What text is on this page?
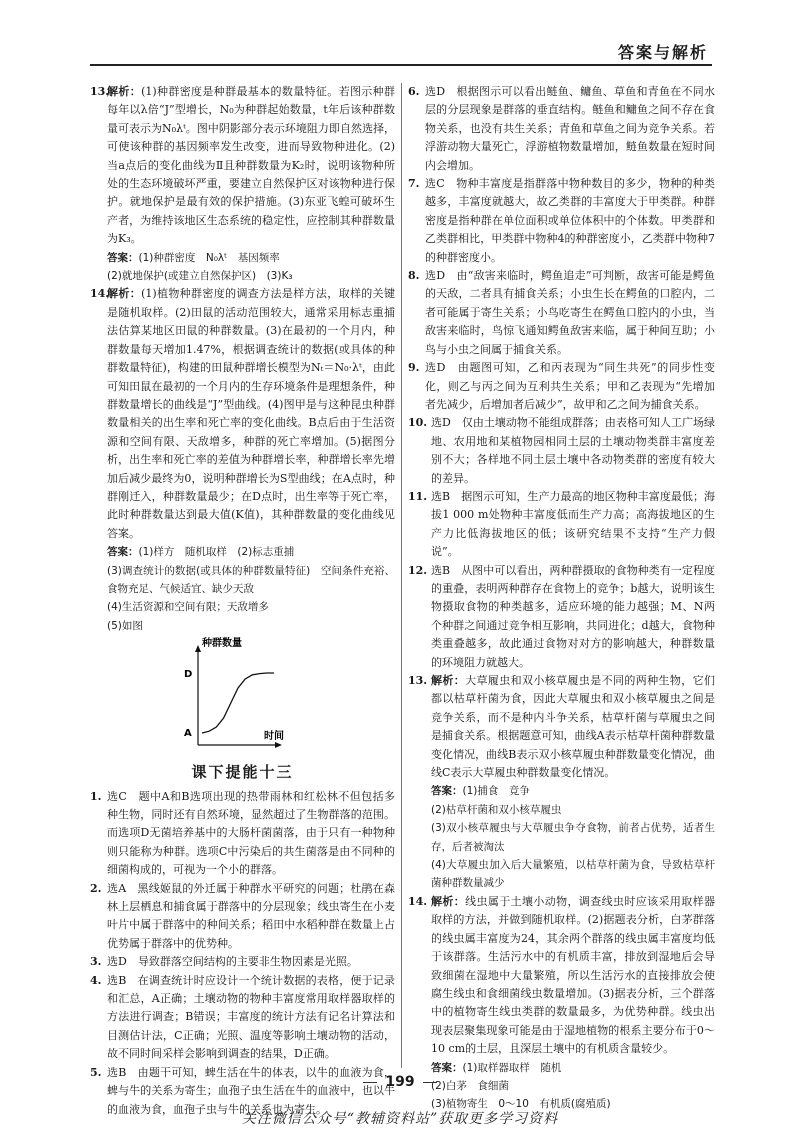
答案与解析
13.
解析：(1)种群密度是种群最基本的数量特征。若图示种群每年以λ倍“J”型增长，N₀为种群起始数量，t年后该种群数量可表示为N₀λᵗ。图中阴影部分表示环境阻力即自然选择，可使该种群的基因频率发生改变，进而导致物种进化。(2)当a点后的变化曲线为Ⅱ且种群数量为K₂时，说明该物种所处的生态环境破坏严重，要建立自然保护区对该物种进行保护。就地保护是最有效的保护措施。(3)东亚飞蝗可破坏生产者，为维持该地区生态系统的稳定性，应控制其种群数量为K₃。
答案：(1)种群密度　N₀λᵗ　基因频率
(2)就地保护(或建立自然保护区)　(3)K₃
14.
解析：(1)植物种群密度的调查方法是样方法，取样的关键是随机取样。(2)田鼠的活动范围较大，通常采用标志重捕法估算某地区田鼠的种群数量。(3)在最初的一个月内，种群数量每天增加1.47%，根据调查统计的数据(或具体的种群数量特征)，构建的田鼠种群增长模型为Nₜ＝N₀·λᵗ，由此可知田鼠在最初的一个月内的生存环境条件是理想条件，种群数量增长的曲线是“J”型曲线。(4)图甲是与这种昆虫种群数量相关的出生率和死亡率的变化曲线。B点后由于生活资源和空间有限、天敌增多，种群的死亡率增加。(5)据图分析，出生率和死亡率的差值为种群增长率，种群增长率先增加后减少最终为0，说明种群增长为S型曲线；在A点时，种群刚迁入，种群数量最少；在D点时，出生率等于死亡率，此时种群数量达到最大值(K值)，其种群数量的变化曲线见答案。
答案：(1)样方　随机取样　(2)标志重捕
(3)调查统计的数据(或具体的种群数量特征)　空间条件充裕、食物充足、气候适宜、缺少天敌
(4)生活资源和空间有限；天敌增多
(5)如图
种群数量
时间
D
A
课下提能十三
1. 选C　题中A和B选项出现的热带雨林和红松林不但包括多种生物，同时还有自然环境，显然超过了生物群落的范围。而选项D无菌培养基中的大肠杆菌菌落，由于只有一种物种则只能称为种群。选项C中污染后的共生菌落是由不同种的细菌构成的，可视为一个小的群落。
2. 选A　黑线姬鼠的外迁属于种群水平研究的问题；杜鹃在森林上层栖息和捕食属于群落中的分层现象；线虫寄生在小麦叶片中属于群落中的种间关系；稻田中水稻种群在数量上占优势属于群落中的优势种。
3. 选D　导致群落空间结构的主要非生物因素是光照。
4. 选B　在调查统计时应设计一个统计数据的表格，便于记录和汇总，A正确；土壤动物的物种丰富度常用取样器取样的方法进行调查；B错误；丰富度的统计方法有记名计算法和目测估计法，C正确；光照、温度等影响土壤动物的活动，故不同时间采样会影响到调查的结果，D正确。
5. 选B　由题干可知，蜱生活在牛的体表，以牛的血液为食，蜱与牛的关系为寄生；血孢子虫生活在牛的血液中，也以牛的血液为食，血孢子虫与牛的关系也为寄生。
6. 选D　根据图示可以看出鲢鱼、鳙鱼、草鱼和青鱼在不同水层的分层现象是群落的垂直结构。鲢鱼和鳙鱼之间不存在食物关系，也没有共生关系；青鱼和草鱼之间为竞争关系。若浮游动物大量死亡，浮游植物数量增加，鲢鱼数量在短时间内会增加。
7. 选C　物种丰富度是指群落中物种数目的多少，物种的种类越多，丰富度就越大，故乙类群的丰富度大于甲类群。种群密度是指种群在单位面积或单位体积中的个体数。甲类群和乙类群相比，甲类群中物种4的种群密度小，乙类群中物种7的种群密度小。
8. 选D　由“敌害来临时，鳄鱼追走”可判断，敌害可能是鳄鱼的天敌，二者具有捕食关系；小虫生长在鳄鱼的口腔内，二者可能属于寄生关系；小鸟吃寄生在鳄鱼口腔内的小虫，当敌害来临时，鸟惊飞通知鳄鱼敌害来临，属于种间互助；小鸟与小虫之间属于捕食关系。
9. 选D　由题图可知，乙和丙表现为“同生共死”的同步性变化，则乙与丙之间为互利共生关系；甲和乙表现为“先增加者先减少，后增加者后减少”，故甲和乙之间为捕食关系。
10. 选D　仅由土壤动物不能组成群落；由表格可知人工广场绿地、农用地和某植物园相同土层的土壤动物类群丰富度差别不大；各样地不同土层土壤中各动物类群的密度有较大的差异。
11. 选B　据图示可知，生产力最高的地区物种丰富度最低；海拔1 000 m处物种丰富度低而生产力高；高海拔地区的生产力比低海拔地区的低；该研究结果不支持“生产力假说”。
12. 选B　从图中可以看出，两种群摄取的食物种类有一定程度的重叠，表明两种群存在食物上的竞争；b越大，说明该生物摄取食物的种类越多，适应环境的能力越强；M、N两个种群之间通过竞争相互影响，共同进化；d越大，食物种类重叠越多，故此通过食物对对方的影响越大，种群数量的环境阻力就越大。
13. 解析：大草履虫和双小核草履虫是不同的两种生物，它们都以枯草杆菌为食，因此大草履虫和双小核草履虫之间是竞争关系，而不是种内斗争关系，枯草杆菌与草履虫之间是捕食关系。根据题意可知，曲线A表示枯草杆菌种群数量变化情况，曲线B表示双小核草履虫种群数量变化情况，曲线C表示大草履虫种群数量变化情况。
答案：(1)捕食　竞争
(2)枯草杆菌和双小核草履虫
(3)双小核草履虫与大草履虫争夺食物，前者占优势，适者生存，后者被淘汰
(4)大草履虫加入后大量繁殖，以枯草杆菌为食，导致枯草杆菌种群数量减少
14. 解析：线虫属于土壤小动物，调查线虫时应该采用取样器取样的方法，并做到随机取样。(2)据题表分析，白茅群落的线虫属丰富度为24，其余两个群落的线虫属丰富度均低于该群落。生活污水中的有机质丰富，排放到湿地后会导致细菌在湿地中大量繁殖，所以生活污水的直接排放会使腐生线虫和食细菌线虫数量增加。(3)据表分析，三个群落中的植物寄生线虫类群的数量最多，为优势种群。线虫出现表层聚集现象可能是由于湿地植物的根系主要分布于0～10 cm的土层，且深层土壤中的有机质含量较少。
答案：(1)取样器取样　随机
(2)白茅　食细菌
(3)植物寄生　0～10　有机质(腐殖质)
199
关注微信公众号“教辅资料站”获取更多学习资料
